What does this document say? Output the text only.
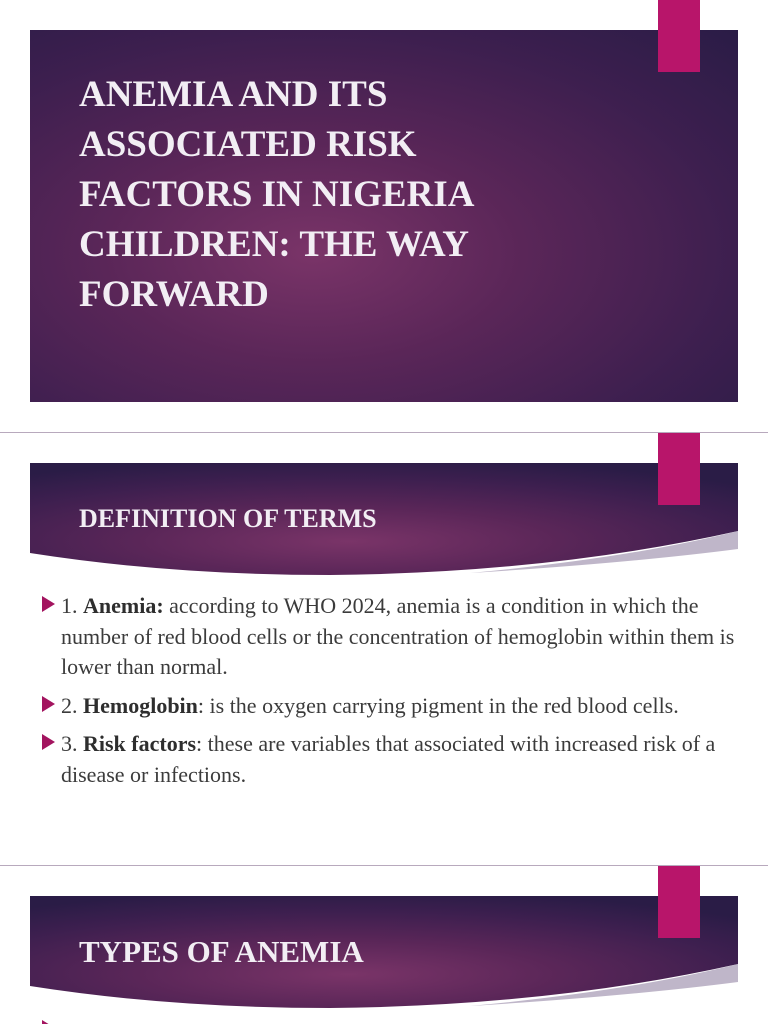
ANEMIA AND ITS ASSOCIATED RISK FACTORS IN NIGERIA CHILDREN: THE WAY FORWARD
DEFINITION OF TERMS
1. Anemia: according to WHO 2024, anemia is a condition in which the number of red blood cells or the concentration of hemoglobin within them is lower than normal.
2. Hemoglobin: is the oxygen carrying pigment in the red blood cells.
3. Risk factors: these are variables that associated with increased risk of a disease or infections.
TYPES OF ANEMIA
